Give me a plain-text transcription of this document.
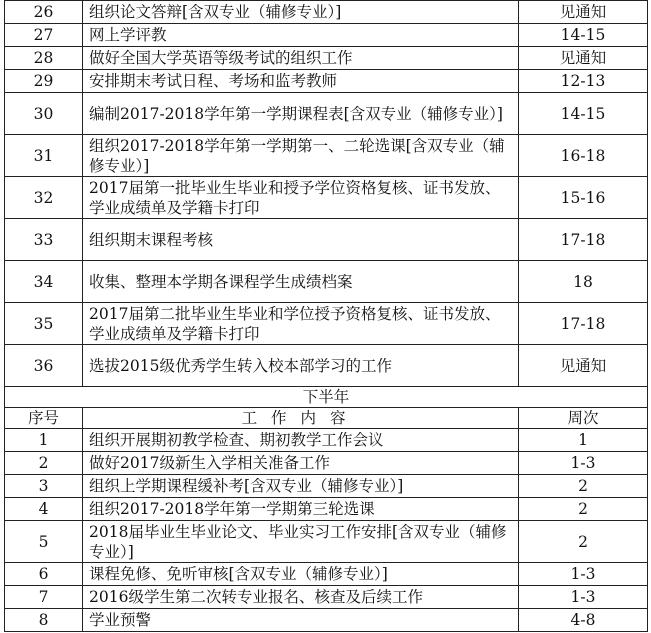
26	组织论文答辩[含双专业（辅修专业）]	见通知
27	网上学评教	14-15
28	做好全国大学英语等级考试的组织工作	见通知
29	安排期末考试日程、考场和监考教师	12-13
30	编制2017-2018学年第一学期课程表[含双专业（辅修专业）]	14-15
31	组织2017-2018学年第一学期第一、二轮选课[含双专业（辅修专业）]	16-18
32	2017届第一批毕业生毕业和授予学位资格复核、证书发放、学业成绩单及学籍卡打印	15-16
33	组织期末课程考核	17-18
34	收集、整理本学期各课程学生成绩档案	18
35	2017届第二批毕业生毕业和学位授予资格复核、证书发放、学业成绩单及学籍卡打印	17-18
36	选拔2015级优秀学生转入校本部学习的工作	见通知
下半年		
序号	工作内容	周次
1	组织开展期初教学检查、期初教学工作会议	1
2	做好2017级新生入学相关准备工作	1-3
3	组织上学期课程缓补考[含双专业（辅修专业）]	2
4	组织2017-2018学年第一学期第三轮选课	2
5	2018届毕业生毕业论文、毕业实习工作安排[含双专业（辅修专业）]	2
6	课程免修、免听审核[含双专业（辅修专业）]	1-3
7	2016级学生第二次转专业报名、核查及后续工作	1-3
8	学业预警	4-8
